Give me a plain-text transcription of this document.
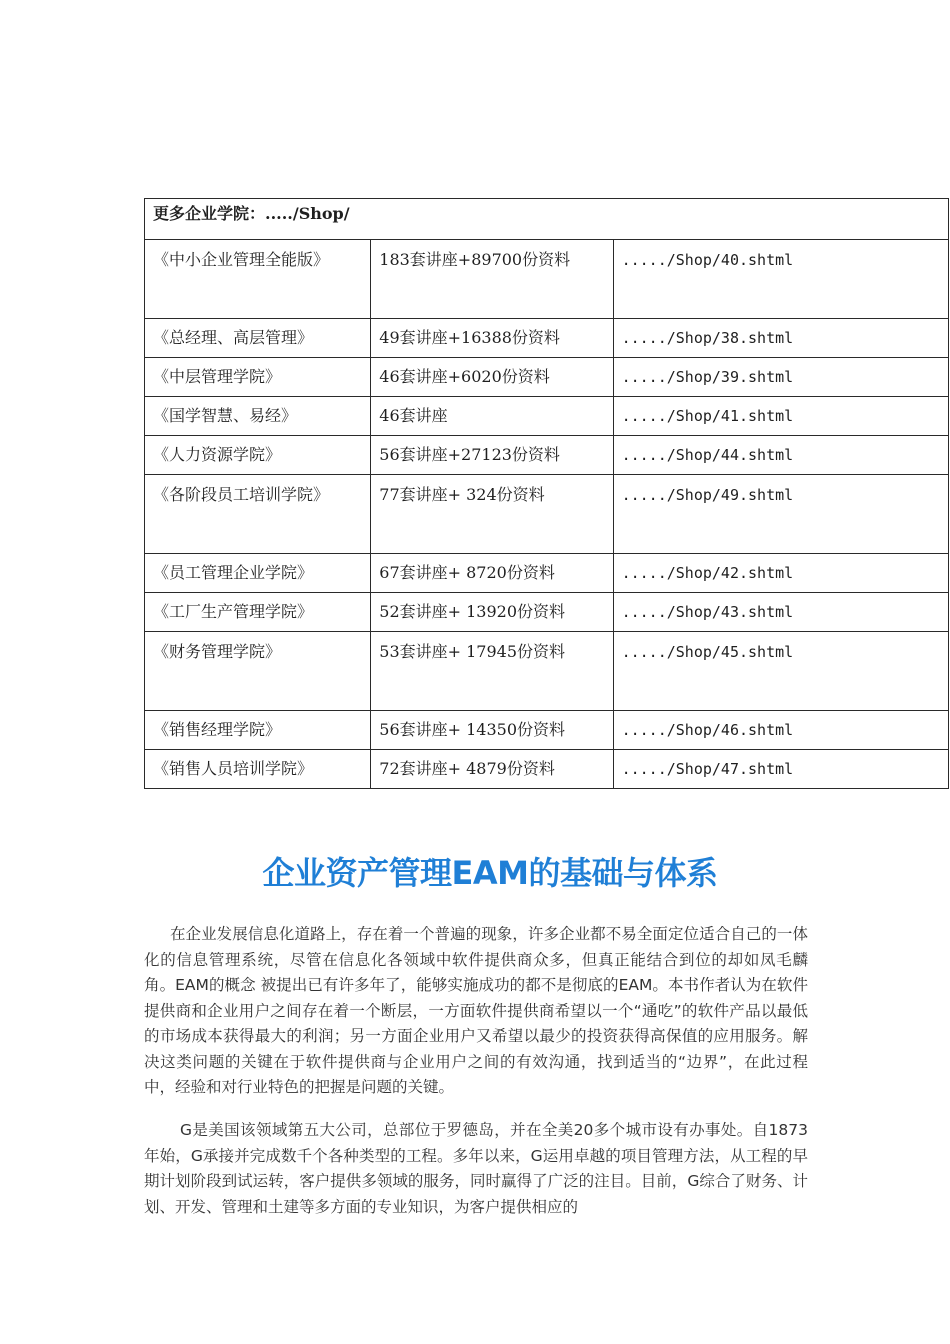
更多企业学院：...../Shop/		
《中小企业管理全能版》	183套讲座+89700份资料	...../Shop/40.shtml
《总经理、高层管理》	49套讲座+16388份资料	...../Shop/38.shtml
《中层管理学院》	46套讲座+6020份资料	...../Shop/39.shtml
《国学智慧、易经》	46套讲座	...../Shop/41.shtml
《人力资源学院》	56套讲座+27123份资料	...../Shop/44.shtml
《各阶段员工培训学院》	77套讲座+ 324份资料	...../Shop/49.shtml
《员工管理企业学院》	67套讲座+ 8720份资料	...../Shop/42.shtml
《工厂生产管理学院》	52套讲座+ 13920份资料	...../Shop/43.shtml
《财务管理学院》	53套讲座+ 17945份资料	...../Shop/45.shtml
《销售经理学院》	56套讲座+ 14350份资料	...../Shop/46.shtml
《销售人员培训学院》	72套讲座+ 4879份资料	...../Shop/47.shtml
企业资产管理EAM的基础与体系

在企业发展信息化道路上，存在着一个普遍的现象，许多企业都不易全面定位适合自己的一体化的信息管理系统，尽管在信息化各领域中软件提供商众多，但真正能结合到位的却如凤毛麟角。EAM的概念 被提出已有许多年了，能够实施成功的都不是彻底的EAM。本书作者认为在软件提供商和企业用户之间存在着一个断层，一方面软件提供商希望以一个“通吃”的软件产品以最低的市场成本获得最大的利润；另一方面企业用户又希望以最少的投资获得高保值的应用服务。解决这类问题的关键在于软件提供商与企业用户之间的有效沟通，找到适当的“边界”，在此过程中，经验和对行业特色的把握是问题的关键。

G是美国该领域第五大公司，总部位于罗德岛，并在全美20多个城市设有办事处。自1873年始，G承接并完成数千个各种类型的工程。多年以来，G运用卓越的项目管理方法，从工程的早期计划阶段到试运转，客户提供多领域的服务，同时赢得了广泛的注目。目前，G综合了财务、计划、开发、管理和土建等多方面的专业知识，为客户提供相应的
